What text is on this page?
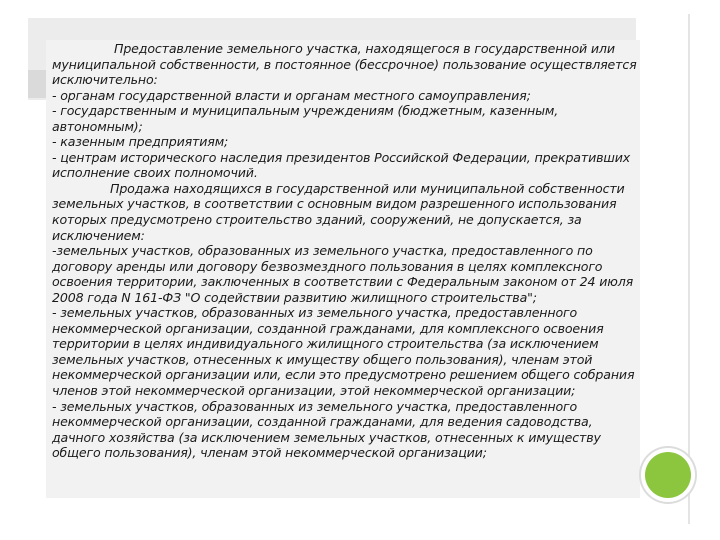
Предоставление земельного участка, находящегося в государственной или
муниципальной собственности, в постоянное (бессрочное) пользование осуществляется
исключительно:
- органам государственной власти и органам местного самоуправления;
- государственным и муниципальным учреждениям (бюджетным, казенным,
автономным);
- казенным предприятиям;
- центрам исторического наследия президентов Российской Федерации, прекративших
исполнение своих полномочий.
Продажа находящихся в государственной или муниципальной собственности
земельных участков, в соответствии с основным видом разрешенного использования
которых предусмотрено строительство зданий, сооружений, не допускается, за
исключением:
-земельных участков, образованных из земельного участка, предоставленного по
договору аренды или договору безвозмездного пользования в целях комплексного
освоения территории, заключенных в соответствии с Федеральным законом от 24 июля
2008 года N 161-ФЗ "О содействии развитию жилищного строительства";
- земельных участков, образованных из земельного участка, предоставленного
некоммерческой организации, созданной гражданами, для комплексного освоения
территории в целях индивидуального жилищного строительства (за исключением
земельных участков, отнесенных к имуществу общего пользования), членам этой
некоммерческой организации или, если это предусмотрено решением общего собрания
членов этой некоммерческой организации, этой некоммерческой организации;
- земельных участков, образованных из земельного участка, предоставленного
некоммерческой организации, созданной гражданами, для ведения садоводства,
дачного хозяйства (за исключением земельных участков, отнесенных к имуществу
общего пользования), членам этой некоммерческой организации;
